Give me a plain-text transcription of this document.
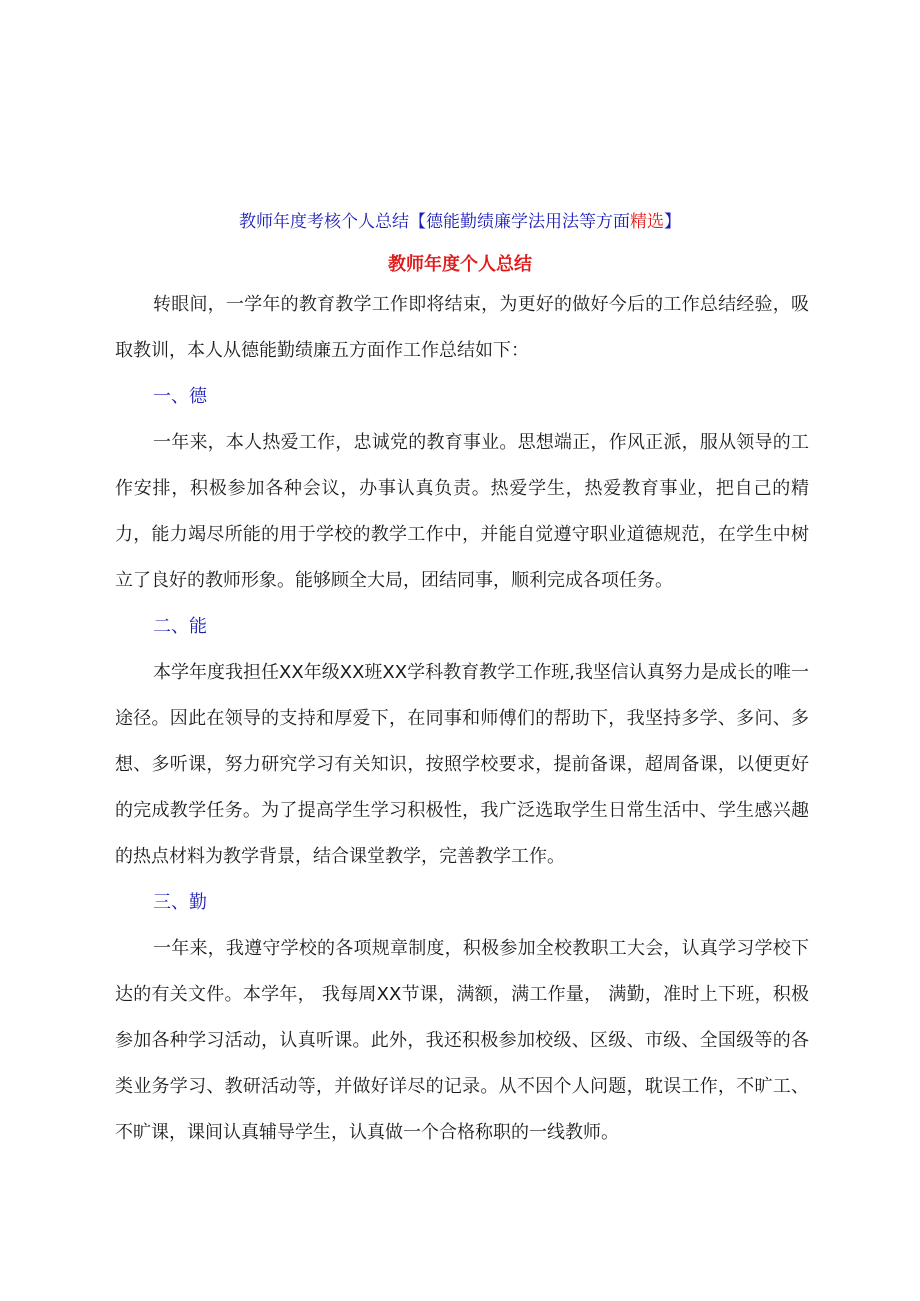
教师年度考核个人总结【德能勤绩廉学法用法等方面精选】
教师年度个人总结

转眼间，一学年的教育教学工作即将结束，为更好的做好今后的工作总结经验，吸取教训，本人从德能勤绩廉五方面作工作总结如下：

一、德

一年来，本人热爱工作，忠诚党的教育事业。思想端正，作风正派，服从领导的工作安排，积极参加各种会议，办事认真负责。热爱学生，热爱教育事业，把自己的精力，能力竭尽所能的用于学校的教学工作中，并能自觉遵守职业道德规范，在学生中树立了良好的教师形象。能够顾全大局，团结同事，顺利完成各项任务。

二、能

本学年度我担任XX年级XX班XX学科教育教学工作班,我坚信认真努力是成长的唯一途径。因此在领导的支持和厚爱下，在同事和师傅们的帮助下，我坚持多学、多问、多想、多听课，努力研究学习有关知识，按照学校要求，提前备课，超周备课，以便更好的完成教学任务。为了提高学生学习积极性，我广泛选取学生日常生活中、学生感兴趣的热点材料为教学背景，结合课堂教学，完善教学工作。

三、勤

一年来，我遵守学校的各项规章制度，积极参加全校教职工大会，认真学习学校下达的有关文件。本学年， 我每周XX节课，满额，满工作量， 满勤，准时上下班，积极参加各种学习活动，认真听课。此外，我还积极参加校级、区级、市级、全国级等的各类业务学习、教研活动等，并做好详尽的记录。从不因个人问题，耽误工作，不旷工、不旷课，课间认真辅导学生，认真做一个合格称职的一线教师。
